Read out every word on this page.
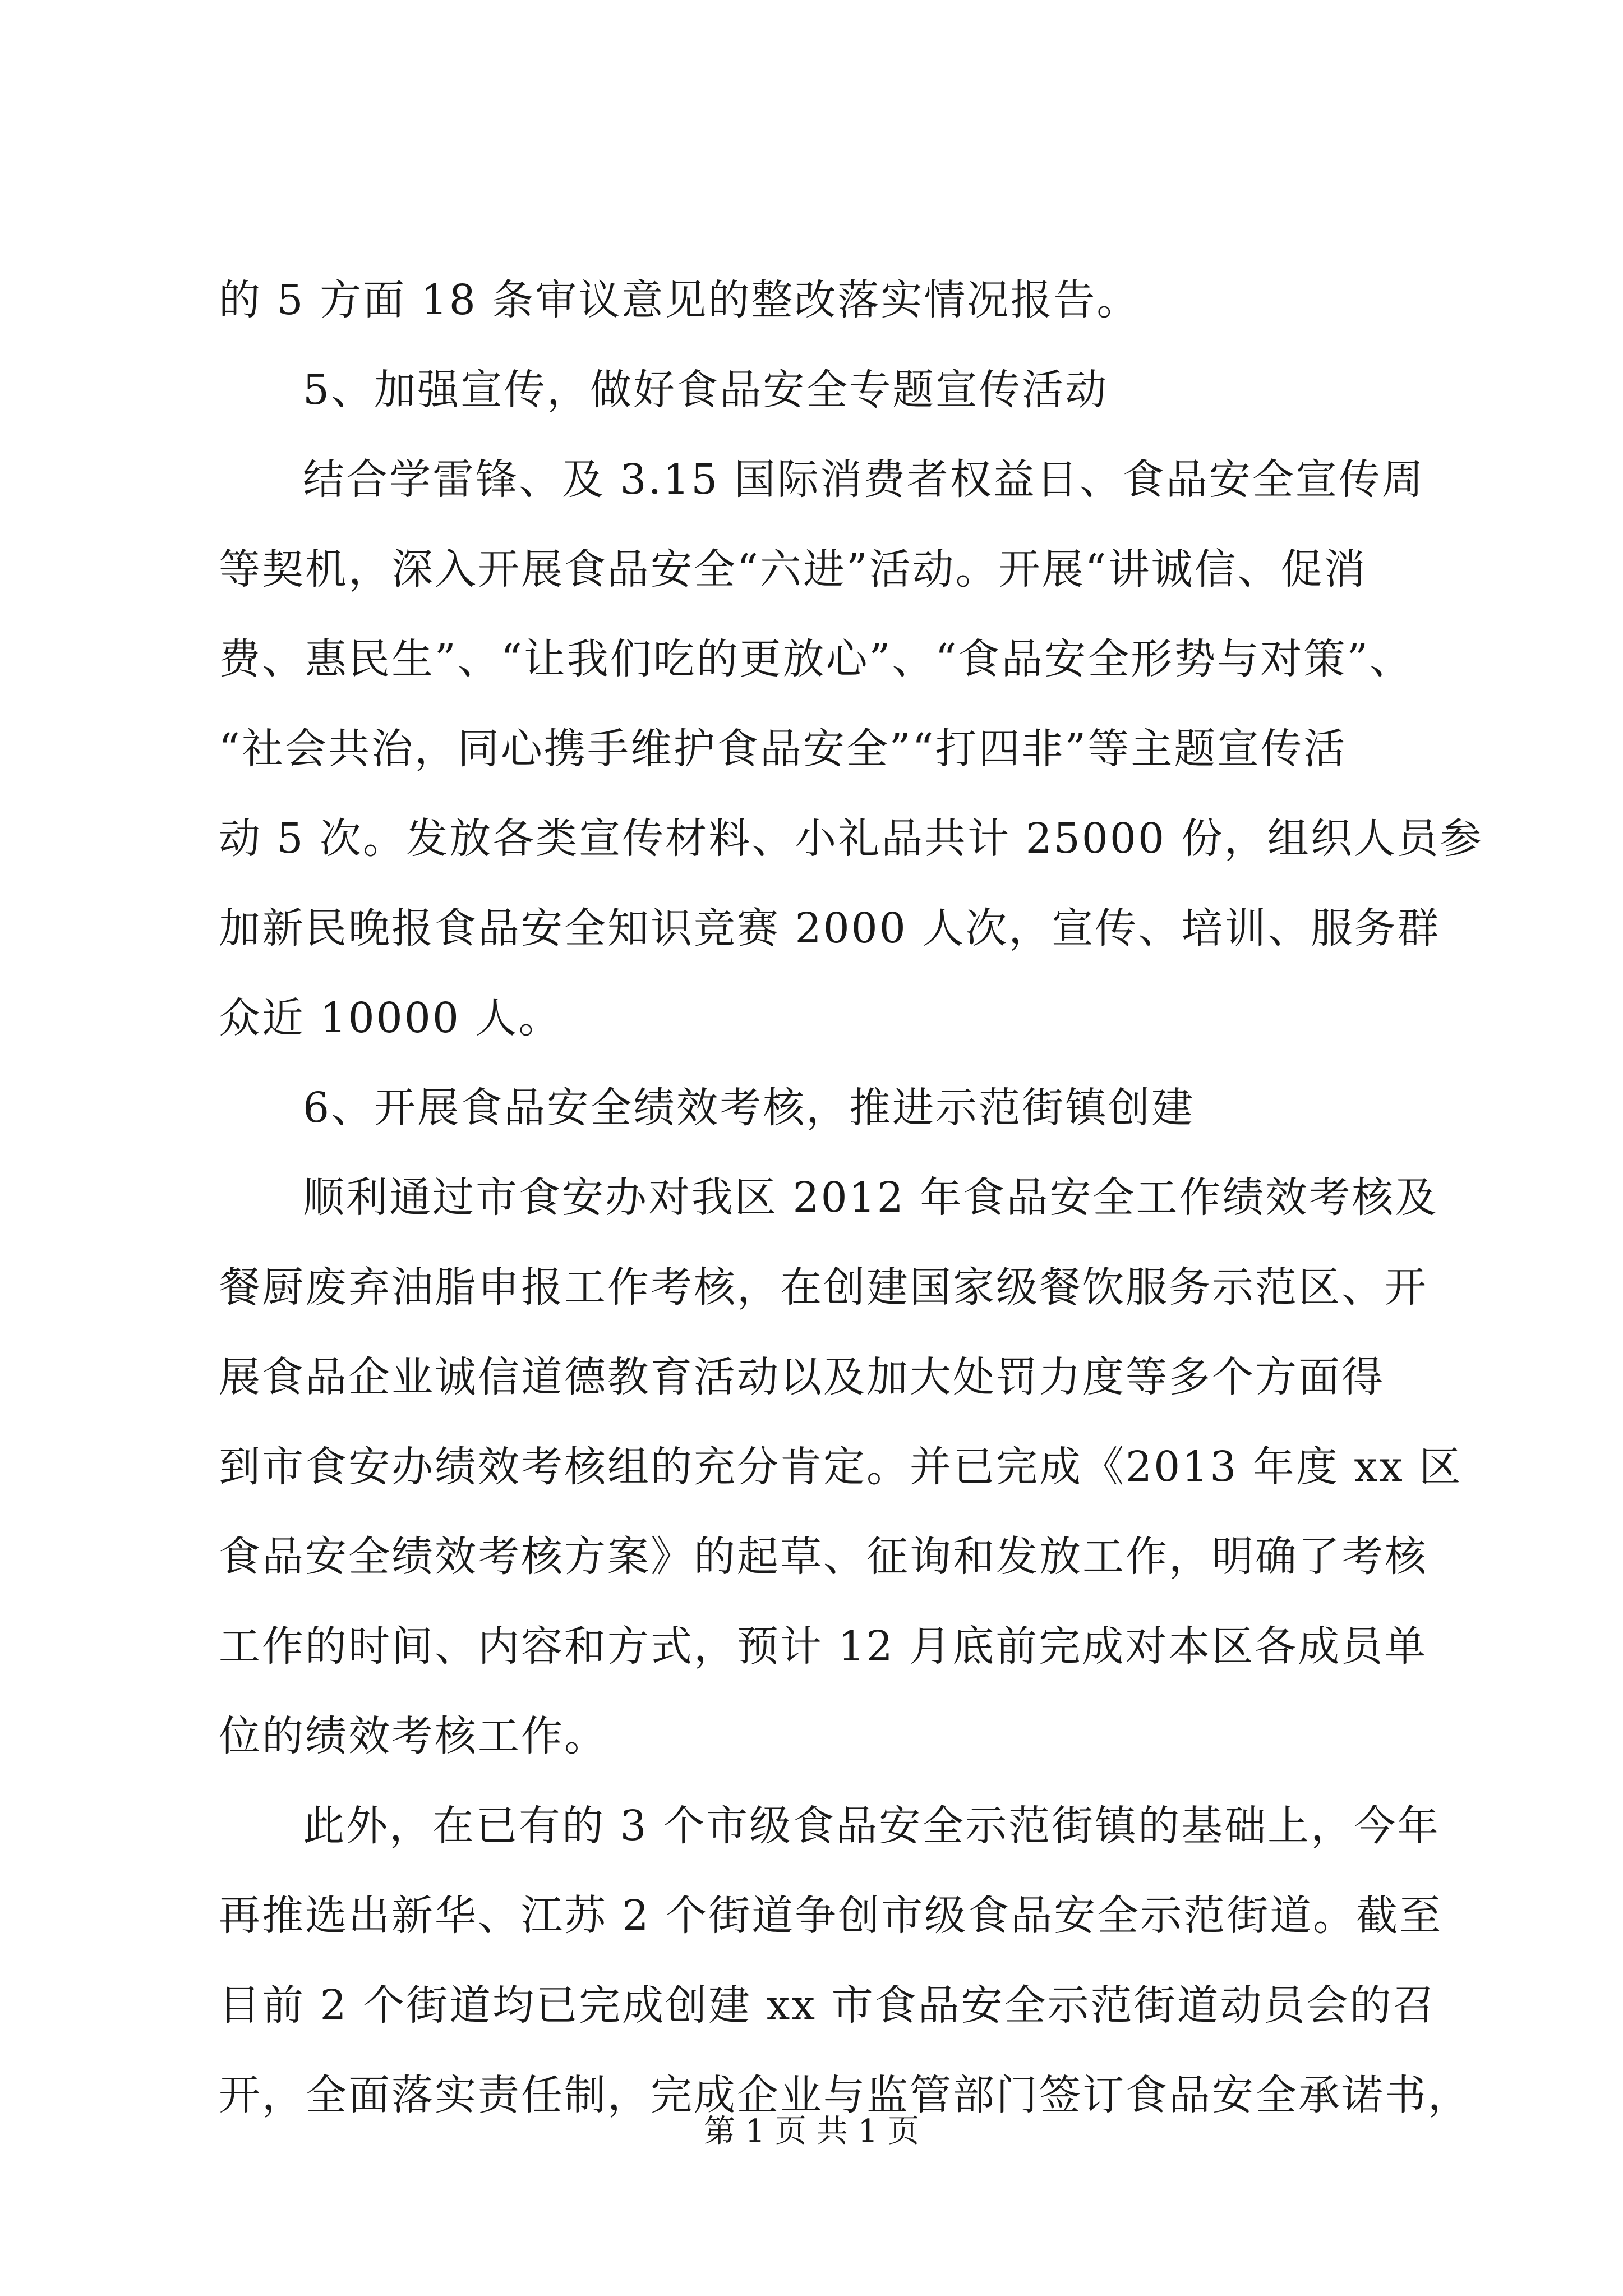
的 5 方面 18 条审议意见的整改落实情况报告。
5、加强宣传，做好食品安全专题宣传活动
结合学雷锋、及 3.15 国际消费者权益日、食品安全宣传周
等契机，深入开展食品安全“六进”活动。开展“讲诚信、促消
费、惠民生”、“让我们吃的更放心”、“食品安全形势与对策”、
“社会共治，同心携手维护食品安全”“打四非”等主题宣传活
动 5 次。发放各类宣传材料、小礼品共计 25000 份，组织人员参
加新民晚报食品安全知识竞赛 2000 人次，宣传、培训、服务群
众近 10000 人。
6、开展食品安全绩效考核，推进示范街镇创建
顺利通过市食安办对我区 2012 年食品安全工作绩效考核及
餐厨废弃油脂申报工作考核，在创建国家级餐饮服务示范区、开
展食品企业诚信道德教育活动以及加大处罚力度等多个方面得
到市食安办绩效考核组的充分肯定。并已完成《2013 年度 xx 区
食品安全绩效考核方案》的起草、征询和发放工作，明确了考核
工作的时间、内容和方式，预计 12 月底前完成对本区各成员单
位的绩效考核工作。
此外，在已有的 3 个市级食品安全示范街镇的基础上，今年
再推选出新华、江苏 2 个街道争创市级食品安全示范街道。截至
目前 2 个街道均已完成创建 xx 市食品安全示范街道动员会的召
开，全面落实责任制，完成企业与监管部门签订食品安全承诺书，
第 1 页 共 1 页
